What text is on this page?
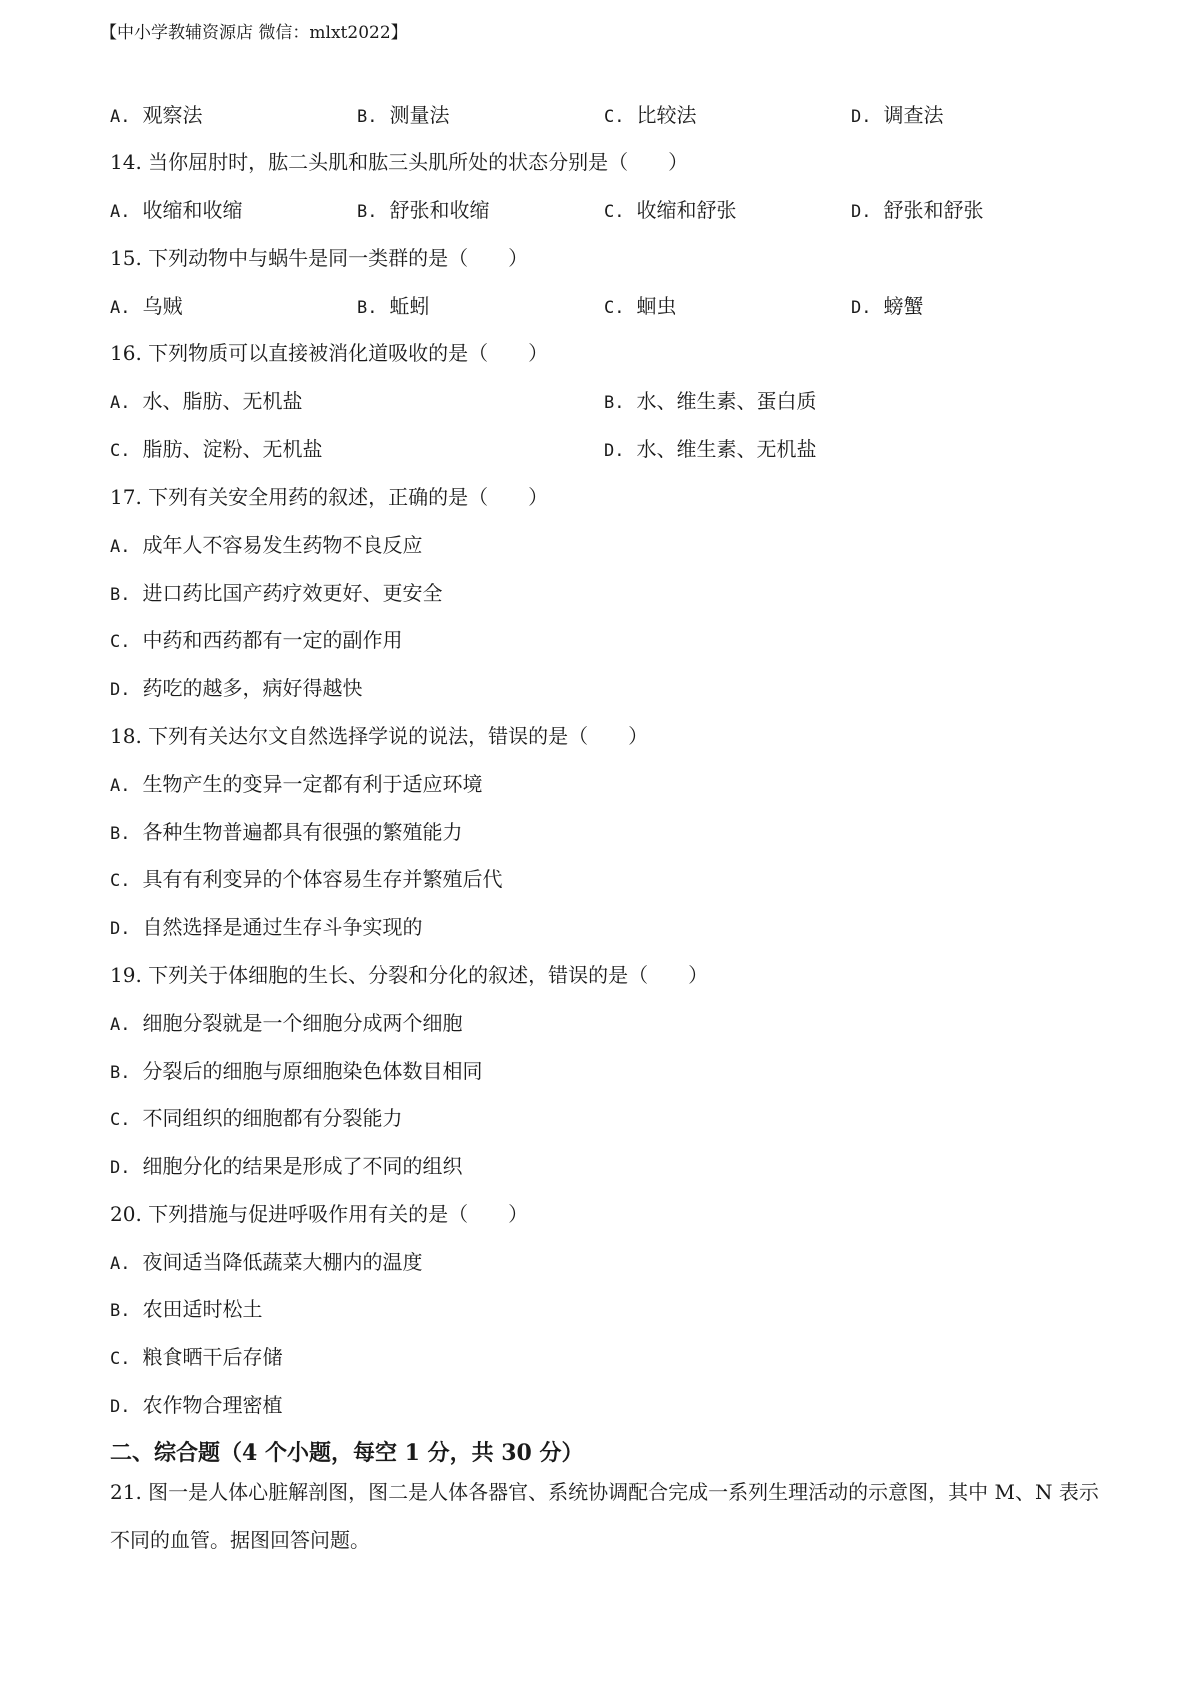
【中小学教辅资源店 微信：mlxt2022】
A. 观察法	B. 测量法	C. 比较法	D. 调查法
14. 当你屈肘时，肱二头肌和肱三头肌所处的状态分别是（　　）
A. 收缩和收缩	B. 舒张和收缩	C. 收缩和舒张	D. 舒张和舒张
15. 下列动物中与蜗牛是同一类群的是（　　）
A. 乌贼	B. 蚯蚓	C. 蛔虫	D. 螃蟹
16. 下列物质可以直接被消化道吸收的是（　　）
A. 水、脂肪、无机盐	B. 水、维生素、蛋白质
C. 脂肪、淀粉、无机盐	D. 水、维生素、无机盐
17. 下列有关安全用药的叙述，正确的是（　　）
A. 成年人不容易发生药物不良反应
B. 进口药比国产药疗效更好、更安全
C. 中药和西药都有一定的副作用
D. 药吃的越多，病好得越快
18. 下列有关达尔文自然选择学说的说法，错误的是（　　）
A. 生物产生的变异一定都有利于适应环境
B. 各种生物普遍都具有很强的繁殖能力
C. 具有有利变异的个体容易生存并繁殖后代
D. 自然选择是通过生存斗争实现的
19. 下列关于体细胞的生长、分裂和分化的叙述，错误的是（　　）
A. 细胞分裂就是一个细胞分成两个细胞
B. 分裂后的细胞与原细胞染色体数目相同
C. 不同组织的细胞都有分裂能力
D. 细胞分化的结果是形成了不同的组织
20. 下列措施与促进呼吸作用有关的是（　　）
A. 夜间适当降低蔬菜大棚内的温度
B. 农田适时松土
C. 粮食晒干后存储
D. 农作物合理密植
二、综合题（4 个小题，每空 1 分，共 30 分）
21. 图一是人体心脏解剖图，图二是人体各器官、系统协调配合完成一系列生理活动的示意图，其中 M、N 表示不同的血管。据图回答问题。
